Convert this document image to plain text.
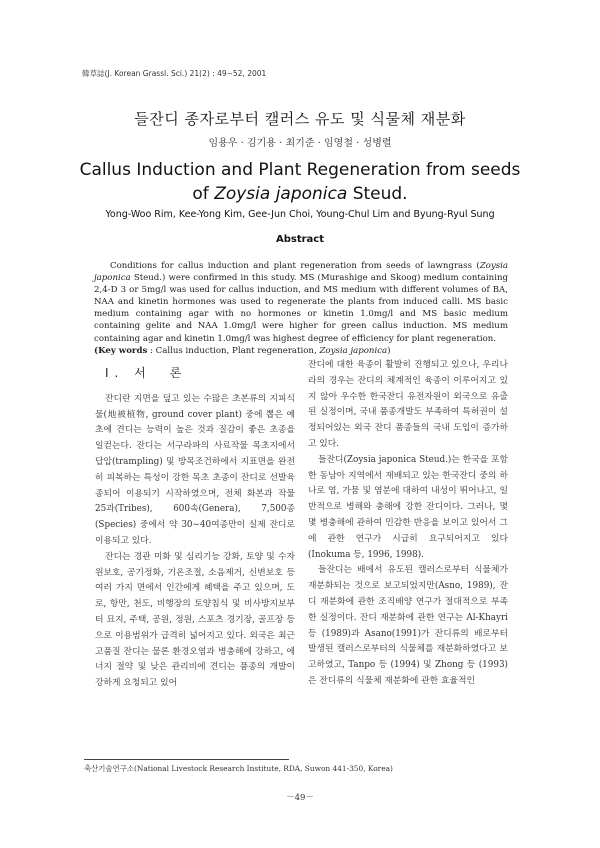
韓草誌(J. Korean Grassl. Sci.) 21(2) : 49∼52, 2001
들잔디 종자로부터 캘러스 유도 및 식물체 재분화
임용우 · 김기용 · 최기준 · 임영철 · 성병렬
Callus Induction and Plant Regeneration from seeds
of Zoysia japonica Steud.
Yong-Woo Rim, Kee-Yong Kim, Gee-Jun Choi, Young-Chul Lim and Byung-Ryul Sung
Abstract

Conditions for callus induction and plant regeneration from seeds of lawngrass (Zoysia japonica Steud.) were confirmed in this study. MS (Murashige and Skoog) medium containing 2,4-D 3 or 5mg/l was used for callus induction, and MS medium with different volumes of BA, NAA and kinetin hormones was used to regenerate the plants from induced calli. MS basic medium containing agar with no hormones or kinetin 1.0mg/l and MS basic medium containing gelite and NAA 1.0mg/l were higher for green callus induction. MS medium containing agar and kinetin 1.0mg/l was highest degree of efficiency for plant regeneration.

(Key words : Callus induction, Plant regeneration, Zoysia japonica)

Ⅰ. 서　론

잔디란 지면을 덮고 있는 수많은 초본류의 지피식물(地被植物, ground cover plant) 중에 뽑은 예초에 견디는 능력이 높은 것과 질감이 좋은 초종을 일컫는다. 잔디는 서구라파의 사료작물 목초지에서 답압(trampling) 및 방목조건하에서 지표면을 완전히 피복하는 특성이 강한 목초 초종이 잔디로 선발육종되어 이용되기 시작하였으며, 전체 화본과 작물 25과(Tribes), 600속(Genera), 7,500종(Species) 중에서 약 30∼40여종만이 실제 잔디로 이용되고 있다.

잔디는 경관 미화 및 심리기능 강화, 토양 및 수자원보호, 공기정화, 기온조절, 소음제거, 신변보호 등 여러 가지 면에서 인간에게 혜택을 주고 있으며, 도로, 항만, 천도, 비행장의 토양침식 및 비사방지보부터 묘지, 주택, 공원, 정원, 스포츠 경기장, 골프장 등으로 이용범위가 급격히 넓어지고 있다. 외국은 최근 고품질 잔디는 물론 환경오염과 병충해에 강하고, 에너지 절약 및 낮은 관리비에 견디는 품종의 개발이 강하게 요청되고 있어

잔디에 대한 육종이 활발히 진행되고 있으나, 우리나라의 경우는 잔디의 체계적인 육종이 이루어지고 있지 않아 우수한 한국잔디 유전자원이 외국으로 유출된 실정이며, 국내 품종개발도 부족하여 특허권이 설정되어있는 외국 잔디 품종들의 국내 도입이 증가하고 있다.

들잔디(Zoysia japonica Steud.)는 한국을 포함한 동남아 지역에서 재배되고 있는 한국잔디 중의 하나로 염, 가뭄 및 염분에 대하여 내성이 뛰어나고, 일반적으로 병해와 충해에 강한 잔디이다. 그러나, 몇몇 병충해에 관하여 민감한 반응을 보이고 있어서 그에 관한 연구가 시급히 요구되어지고 있다 (Inokuma 등, 1996, 1998).

들잔디는 배에서 유도된 캘러스로부터 식물체가 재분화되는 것으로 보고되었지만(Asno, 1989), 잔디 재분화에 관한 조직배양 연구가 절대적으로 부족한 실정이다. 잔디 재분화에 관한 연구는 Al-Khayri 등 (1989)과 Asano(1991)가 잔디류의 배로부터 발생된 캘러스로부터의 식물체를 재분화하였다고 보고하였고, Tanpo 등 (1994) 및 Zhong 등 (1993)은 잔디류의 식물체 재분화에 관한 효율적인

축산기술연구소(National Livestock Research Institute, RDA, Suwon 441-350, Korea)
－49－
